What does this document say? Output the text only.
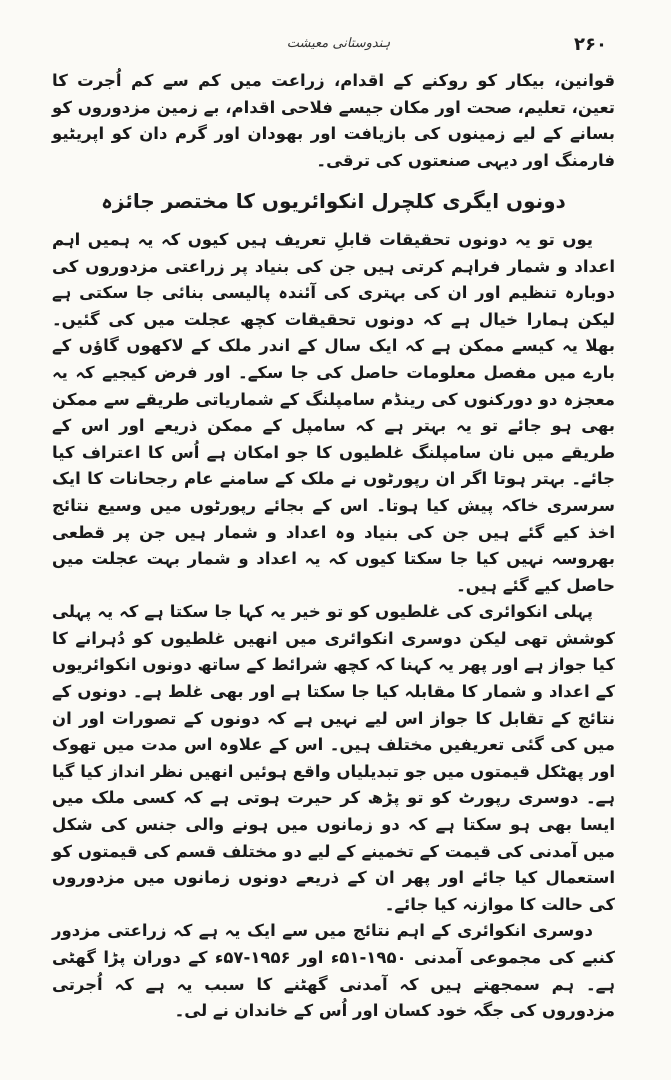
۲۶۰
ہندوستانی معیشت

قوانین، بیکار کو روکنے کے اقدام، زراعت میں کم سے کم اُجرت کا تعین، تعلیم، صحت اور مکان جیسے فلاحی اقدام، بے زمین مزدوروں کو بسانے کے لیے زمینوں کی بازیافت اور بھودان اور گرم دان کو اپریٹیو فارمنگ اور دیہی صنعتوں کی ترقی۔

دونوں ایگری کلچرل انکوائریوں کا مختصر جائزہ

یوں تو یہ دونوں تحقیقات قابلِ تعریف ہیں کیوں کہ یہ ہمیں اہم اعداد و شمار فراہم کرتی ہیں جن کی بنیاد پر زراعتی مزدوروں کی دوبارہ تنظیم اور ان کی بہتری کی آئندہ پالیسی بنائی جا سکتی ہے لیکن ہمارا خیال ہے کہ دونوں تحقیقات کچھ عجلت میں کی گئیں۔ بھلا یہ کیسے ممکن ہے کہ ایک سال کے اندر ملک کے لاکھوں گاؤں کے بارے میں مفصل معلومات حاصل کی جا سکے۔ اور فرض کیجیے کہ یہ معجزہ دو دورکنوں کی رینڈم سامپلنگ کے شماریاتی طریقے سے ممکن بھی ہو جائے تو یہ بہتر ہے کہ سامپل کے ممکن ذریعے اور اس کے طریقے میں نان سامپلنگ غلطیوں کا جو امکان ہے اُس کا اعتراف کیا جائے۔ بہتر ہوتا اگر ان رپورٹوں نے ملک کے سامنے عام رجحانات کا ایک سرسری خاکہ پیش کیا ہوتا۔ اس کے بجائے رپورٹوں میں وسیع نتائج اخذ کیے گئے ہیں جن کی بنیاد وہ اعداد و شمار ہیں جن پر قطعی بھروسہ نہیں کیا جا سکتا کیوں کہ یہ اعداد و شمار بہت عجلت میں حاصل کیے گئے ہیں۔

پہلی انکوائری کی غلطیوں کو تو خیر یہ کہا جا سکتا ہے کہ یہ پہلی کوشش تھی لیکن دوسری انکوائری میں انھیں غلطیوں کو دُہرانے کا کیا جواز ہے اور پھر یہ کہنا کہ کچھ شرائط کے ساتھ دونوں انکوائریوں کے اعداد و شمار کا مقابلہ کیا جا سکتا ہے اور بھی غلط ہے۔ دونوں کے نتائج کے تقابل کا جواز اس لیے نہیں ہے کہ دونوں کے تصورات اور ان میں کی گئی تعریفیں مختلف ہیں۔ اس کے علاوہ اس مدت میں تھوک اور پھٹکل قیمتوں میں جو تبدیلیاں واقع ہوئیں انھیں نظر انداز کیا گیا ہے۔ دوسری رپورٹ کو تو پڑھ کر حیرت ہوتی ہے کہ کسی ملک میں ایسا بھی ہو سکتا ہے کہ دو زمانوں میں ہونے والی جنس کی شکل میں آمدنی کی قیمت کے تخمینے کے لیے دو مختلف قسم کی قیمتوں کو استعمال کیا جائے اور پھر ان کے ذریعے دونوں زمانوں میں مزدوروں کی حالت کا موازنہ کیا جائے۔

دوسری انکوائری کے اہم نتائج میں سے ایک یہ ہے کہ زراعتی مزدور کنبے کی مجموعی آمدنی ۱۹۵۰-۵۱ء اور ۱۹۵۶-۵۷ء کے دوران پڑا گھٹی ہے۔ ہم سمجھتے ہیں کہ آمدنی گھٹنے کا سبب یہ ہے کہ اُجرتی مزدوروں کی جگہ خود کسان اور اُس کے خاندان نے لی۔
